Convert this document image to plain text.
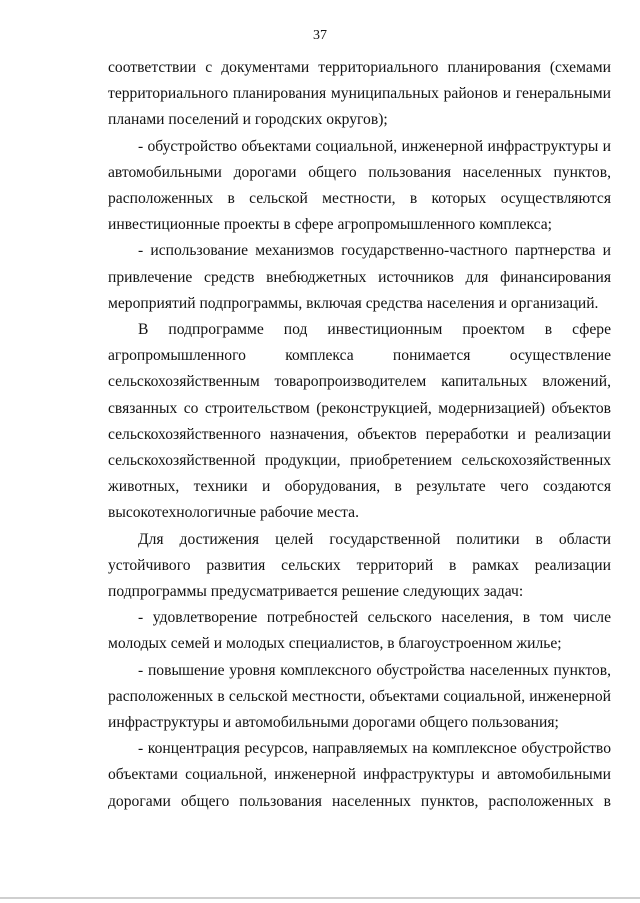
37

соответствии с документами территориального планирования (схемами
территориального планирования муниципальных районов и генеральными
планами поселений и городских округов);

- обустройство объектами социальной, инженерной инфраструктуры и
автомобильными дорогами общего пользования населенных пунктов,
расположенных в сельской местности, в которых осуществляются
инвестиционные проекты в сфере агропромышленного комплекса;

- использование механизмов государственно-частного партнерства и
привлечение средств внебюджетных источников для финансирования
мероприятий подпрограммы, включая средства населения и организаций.

В подпрограмме под инвестиционным проектом в сфере
агропромышленного комплекса понимается осуществление
сельскохозяйственным товаропроизводителем капитальных вложений,
связанных со строительством (реконструкцией, модернизацией) объектов
сельскохозяйственного назначения, объектов переработки и реализации
сельскохозяйственной продукции, приобретением сельскохозяйственных
животных, техники и оборудования, в результате чего создаются
высокотехнологичные рабочие места.

Для достижения целей государственной политики в области
устойчивого развития сельских территорий в рамках реализации
подпрограммы предусматривается решение следующих задач:

- удовлетворение потребностей сельского населения, в том числе
молодых семей и молодых специалистов, в благоустроенном жилье;

- повышение уровня комплексного обустройства населенных пунктов,
расположенных в сельской местности, объектами социальной, инженерной
инфраструктуры и автомобильными дорогами общего пользования;

- концентрация ресурсов, направляемых на комплексное обустройство
объектами социальной, инженерной инфраструктуры и автомобильными
дорогами общего пользования населенных пунктов, расположенных в
